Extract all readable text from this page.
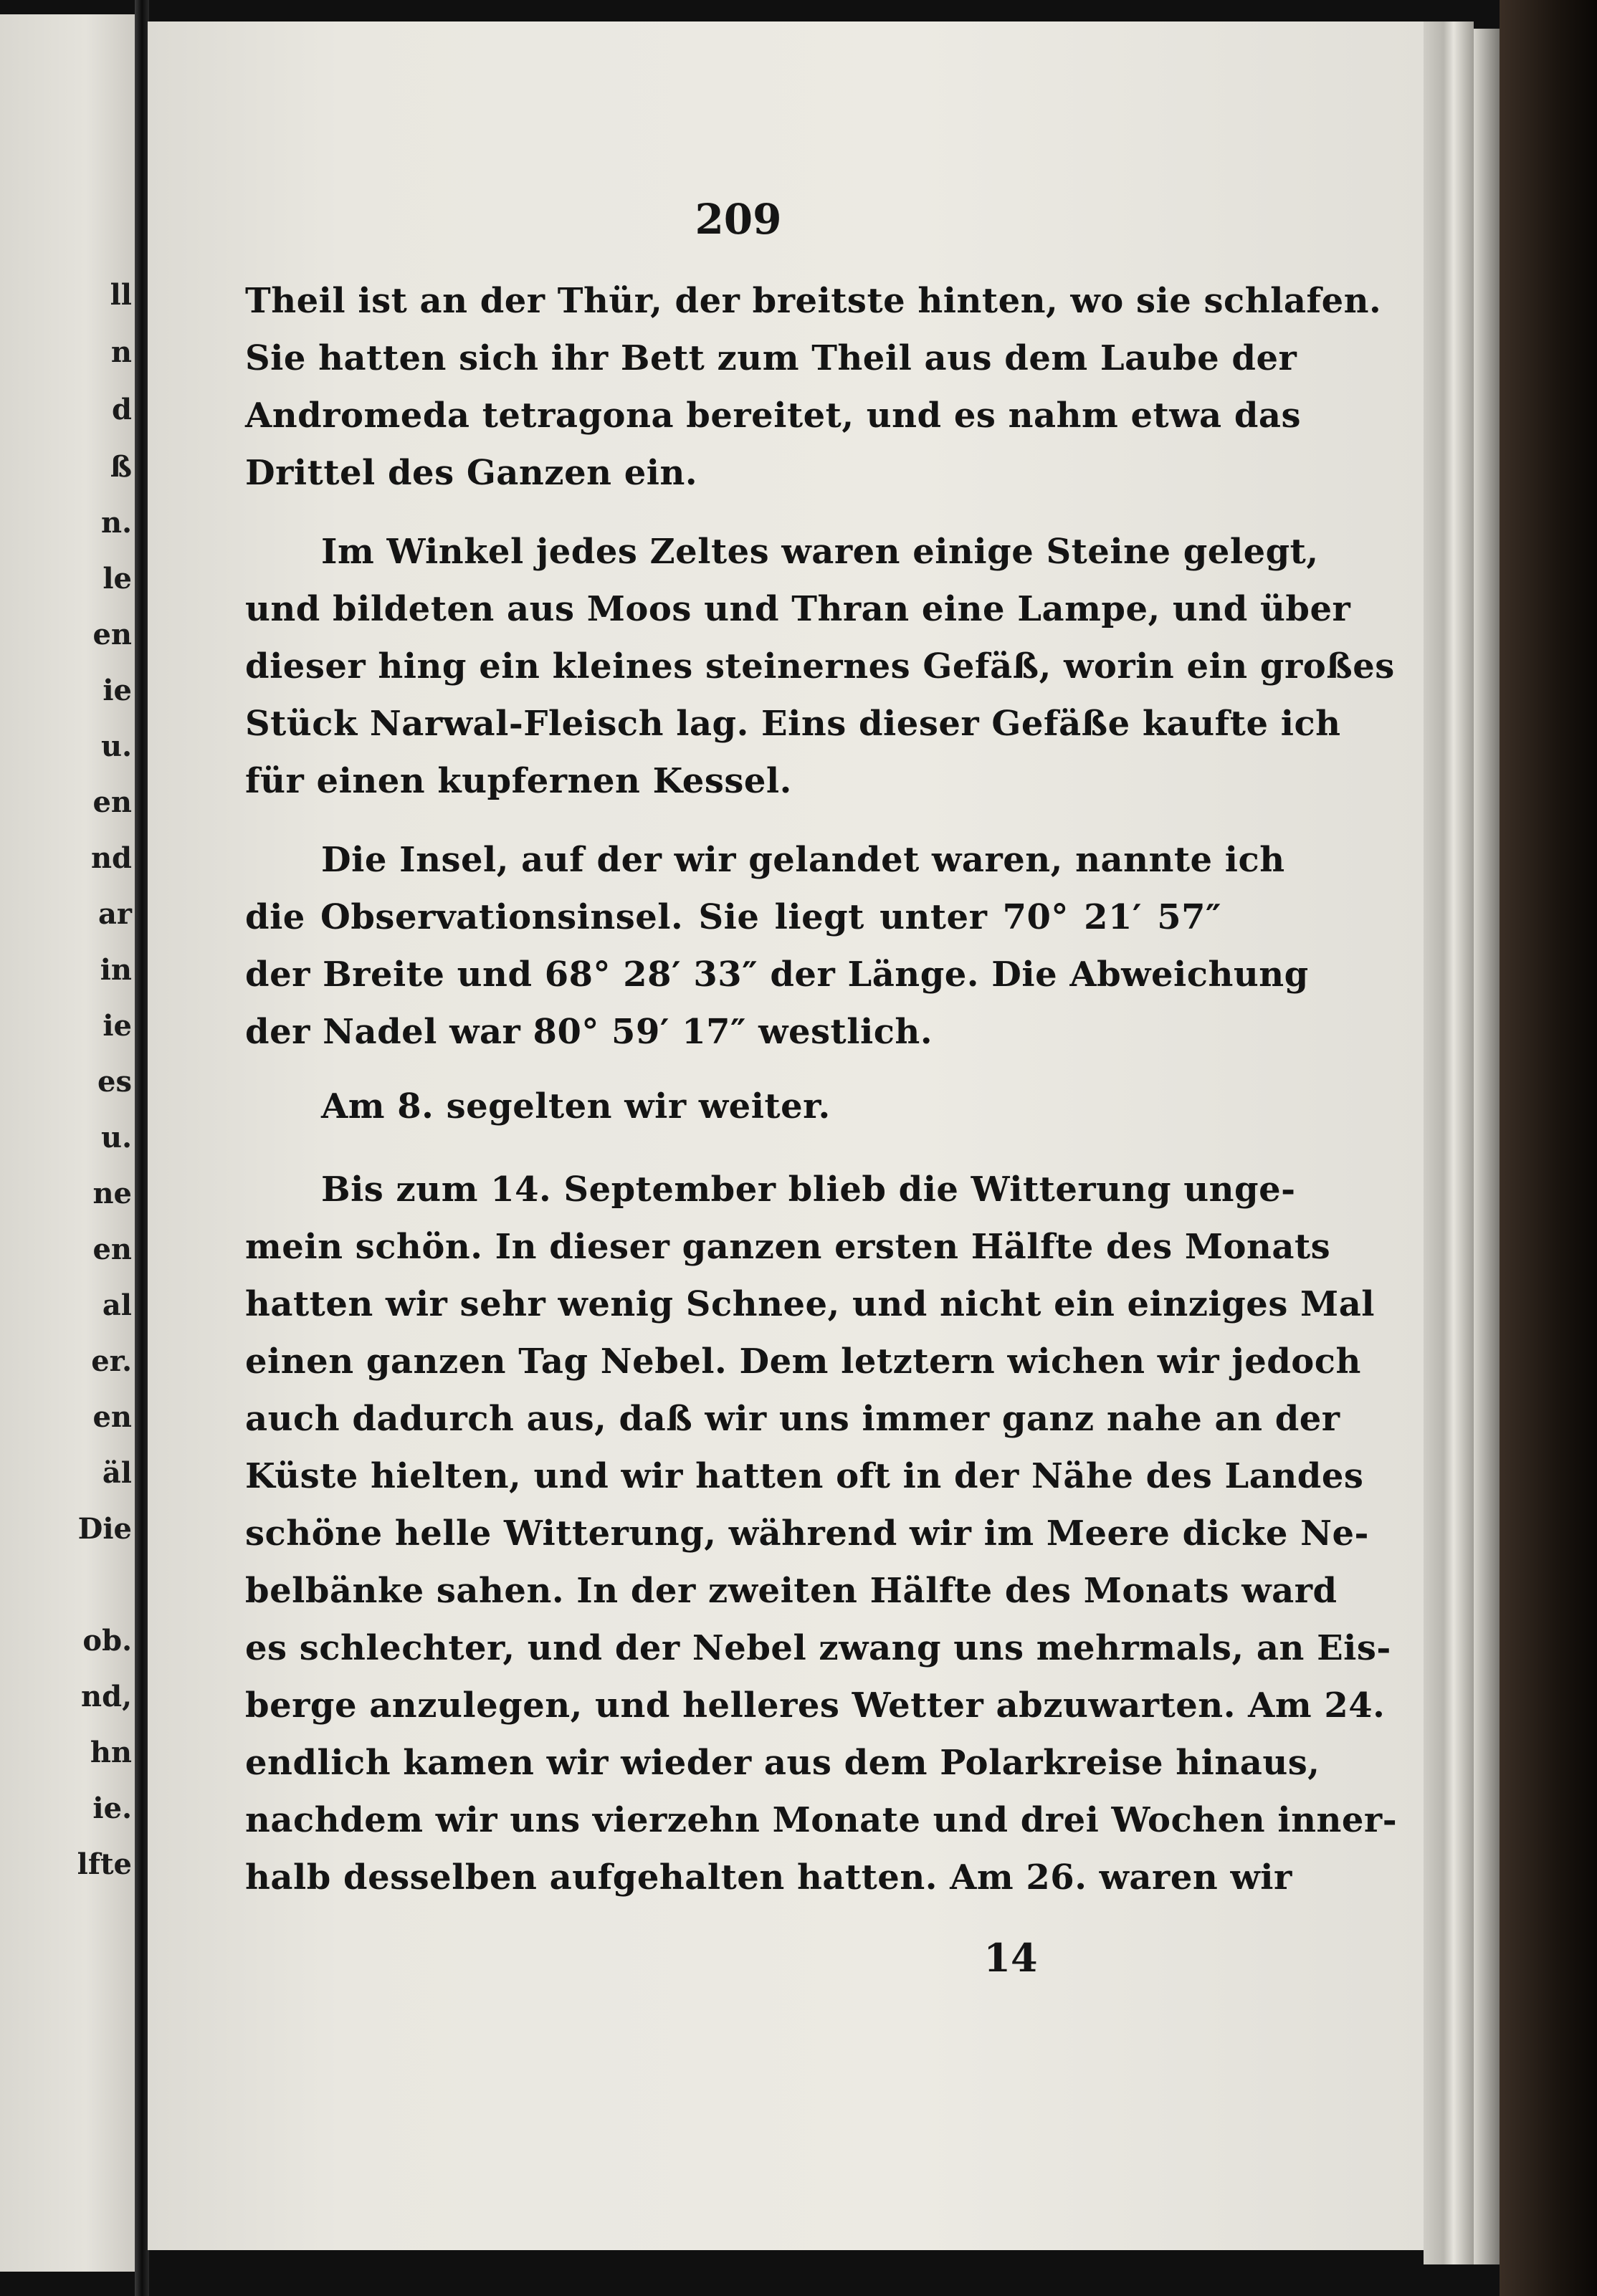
ll
n
d
ß
n.
le
en
ie
u.
en
nd
ar
in
ie
es
u.
ne
en
al
er.
en
äl
Die
ob.
nd,
hn
ie.
lfte
209
Theil ist an der Thür, der breitste hinten, wo sie schlafen.
Sie hatten sich ihr Bett zum Theil aus dem Laube der
Andromeda tetragona bereitet, und es nahm etwa das
Drittel des Ganzen ein.
Im Winkel jedes Zeltes waren einige Steine gelegt,
und bildeten aus Moos und Thran eine Lampe, und über
dieser hing ein kleines steinernes Gefäß, worin ein großes
Stück Narwal-Fleisch lag. Eins dieser Gefäße kaufte ich
für einen kupfernen Kessel.
Die Insel, auf der wir gelandet waren, nannte ich
die Observationsinsel. Sie liegt unter 70° 21′ 57″
der Breite und 68° 28′ 33″ der Länge. Die Abweichung
der Nadel war 80° 59′ 17″ westlich.
Am 8. segelten wir weiter.
Bis zum 14. September blieb die Witterung unge-
mein schön. In dieser ganzen ersten Hälfte des Monats
hatten wir sehr wenig Schnee, und nicht ein einziges Mal
einen ganzen Tag Nebel. Dem letztern wichen wir jedoch
auch dadurch aus, daß wir uns immer ganz nahe an der
Küste hielten, und wir hatten oft in der Nähe des Landes
schöne helle Witterung, während wir im Meere dicke Ne-
belbänke sahen. In der zweiten Hälfte des Monats ward
es schlechter, und der Nebel zwang uns mehrmals, an Eis-
berge anzulegen, und helleres Wetter abzuwarten. Am 24.
endlich kamen wir wieder aus dem Polarkreise hinaus,
nachdem wir uns vierzehn Monate und drei Wochen inner-
halb desselben aufgehalten hatten. Am 26. waren wir
14
